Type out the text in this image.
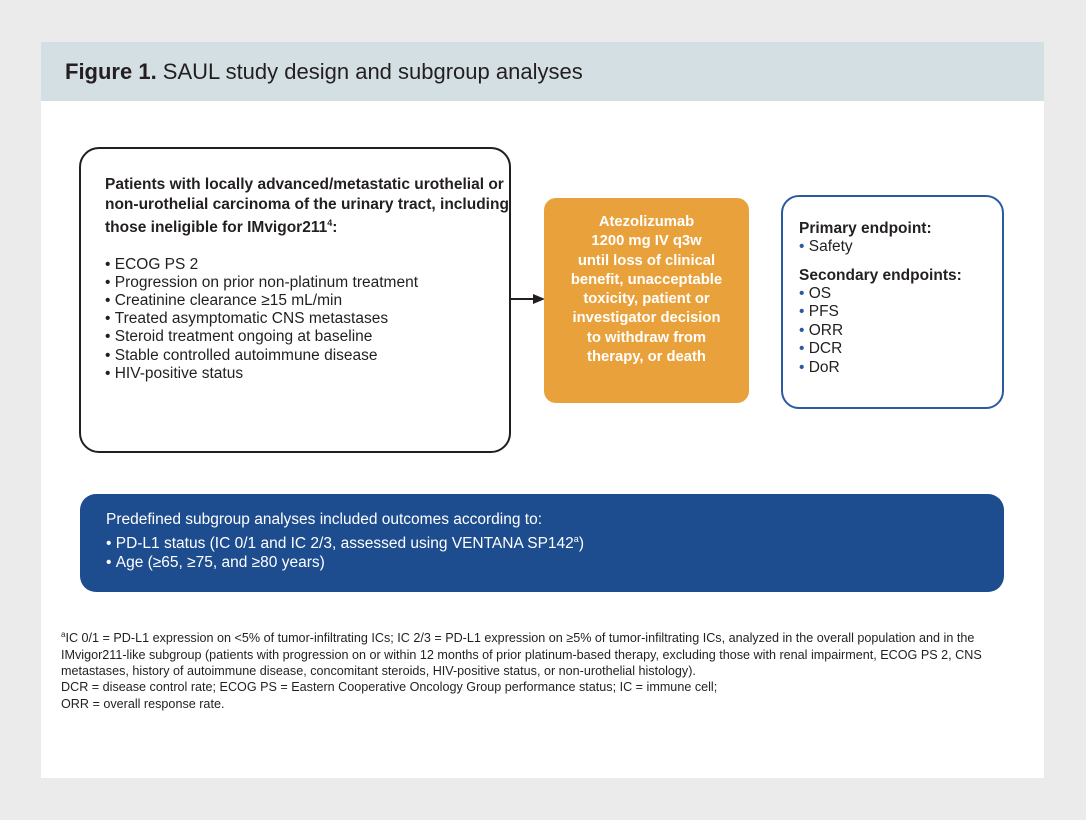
Figure 1. SAUL study design and subgroup analyses

Patients with locally advanced/metastatic urothelial or non-urothelial carcinoma of the urinary tract, including those ineligible for $IMvigor211^4$:

• ECOG PS 2
• Progression on prior non-platinum treatment
• Creatinine clearance ≥15 mL/min
• Treated asymptomatic CNS metastases
• Steroid treatment ongoing at baseline
• Stable controlled autoimmune disease
• HIV-positive status
Atezolizumab
1200 mg IV q3w
until loss of clinical
benefit, unacceptable
toxicity, patient or
investigator decision
to withdraw from
therapy, or death

Primary endpoint:

• Safety

Secondary endpoints:

• OS
• PFS
• ORR
• DCR
• DoR

Predefined subgroup analyses included outcomes according to:

• PD-L1 status (IC 0/1 and IC 2/3, assessed using VENTANA SP142$^a$)
• Age (≥65, ≥75, and ≥80 years)

$^a$IC 0/1 = PD-L1 expression on <5% of tumor-infiltrating ICs; IC 2/3 = PD-L1 expression on ≥5% of tumor-infiltrating ICs, analyzed in the overall population and in the IMvigor211-like subgroup (patients with progression on or within 12 months of prior platinum-based therapy, excluding those with renal impairment, ECOG PS 2, CNS metastases, history of autoimmune disease, concomitant steroids, HIV-positive status, or non-urothelial histology).

DCR = disease control rate; ECOG PS = Eastern Cooperative Oncology Group performance status; IC = immune cell;

ORR = overall response rate.
